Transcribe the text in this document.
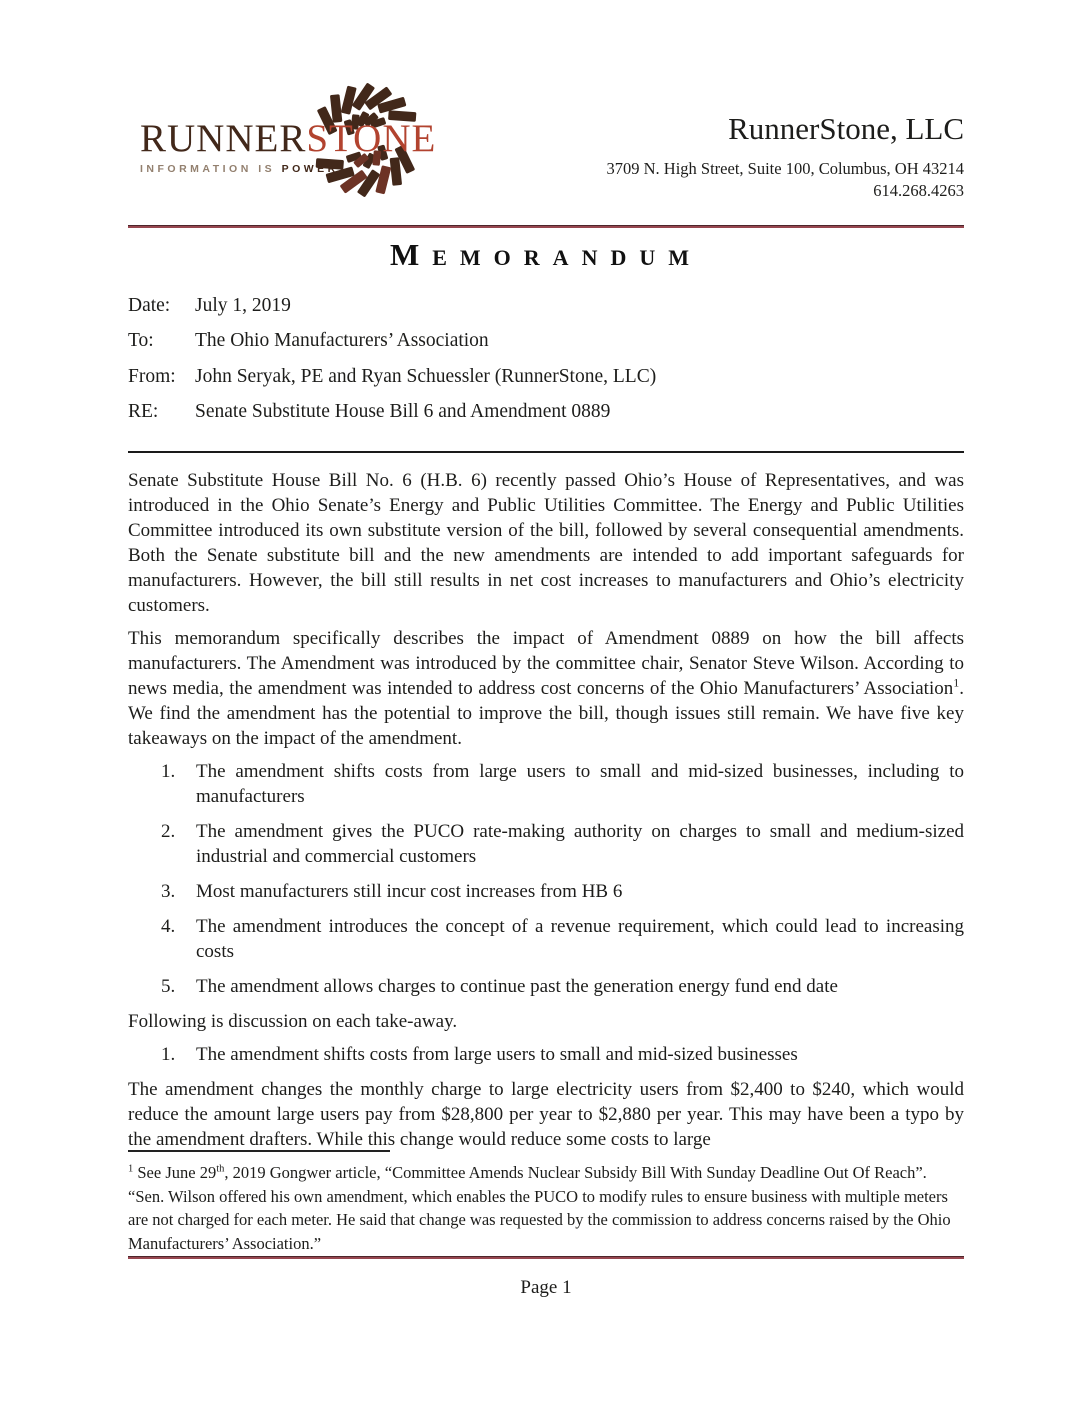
RUNNERSTONE
INFORMATION IS POWER
RunnerStone, LLC
3709 N. High Street, Suite 100, Columbus, OH 43214
614.268.4263
Memorandum
Date:	July 1, 2019
To:	The Ohio Manufacturers’ Association
From: John Seryak, PE and Ryan Schuessler (RunnerStone, LLC)
RE:	Senate Substitute House Bill 6 and Amendment 0889

Senate Substitute House Bill No. 6 (H.B. 6) recently passed Ohio’s House of Representatives, and was introduced in the Ohio Senate’s Energy and Public Utilities Committee. The Energy and Public Utilities Committee introduced its own substitute version of the bill, followed by several consequential amendments. Both the Senate substitute bill and the new amendments are intended to add important safeguards for manufacturers. However, the bill still results in net cost increases to manufacturers and Ohio’s electricity customers.

This memorandum specifically describes the impact of Amendment 0889 on how the bill affects manufacturers. The Amendment was introduced by the committee chair, Senator Steve Wilson. According to news media, the amendment was intended to address cost concerns of the Ohio Manufacturers’ Association$^1$. We find the amendment has the potential to improve the bill, though issues still remain. We have five key takeaways on the impact of the amendment.

1.	The amendment shifts costs from large users to small and mid-sized businesses, including to manufacturers
2.	The amendment gives the PUCO rate-making authority on charges to small and medium-sized industrial and commercial customers
3.	Most manufacturers still incur cost increases from HB 6
4.	The amendment introduces the concept of a revenue requirement, which could lead to increasing costs
5.	The amendment allows charges to continue past the generation energy fund end date

Following is discussion on each take-away.

1.	The amendment shifts costs from large users to small and mid-sized businesses

The amendment changes the monthly charge to large electricity users from $2,400 to $240, which would reduce the amount large users pay from $28,800 per year to $2,880 per year. This may have been a typo by the amendment drafters. While this change would reduce some costs to large

$^1$ See June 29th, 2019 Gongwer article, “Committee Amends Nuclear Subsidy Bill With Sunday Deadline Out Of Reach”. “Sen. Wilson offered his own amendment, which enables the PUCO to modify rules to ensure business with multiple meters are not charged for each meter. He said that change was requested by the commission to address concerns raised by the Ohio Manufacturers’ Association.”

Page 1
